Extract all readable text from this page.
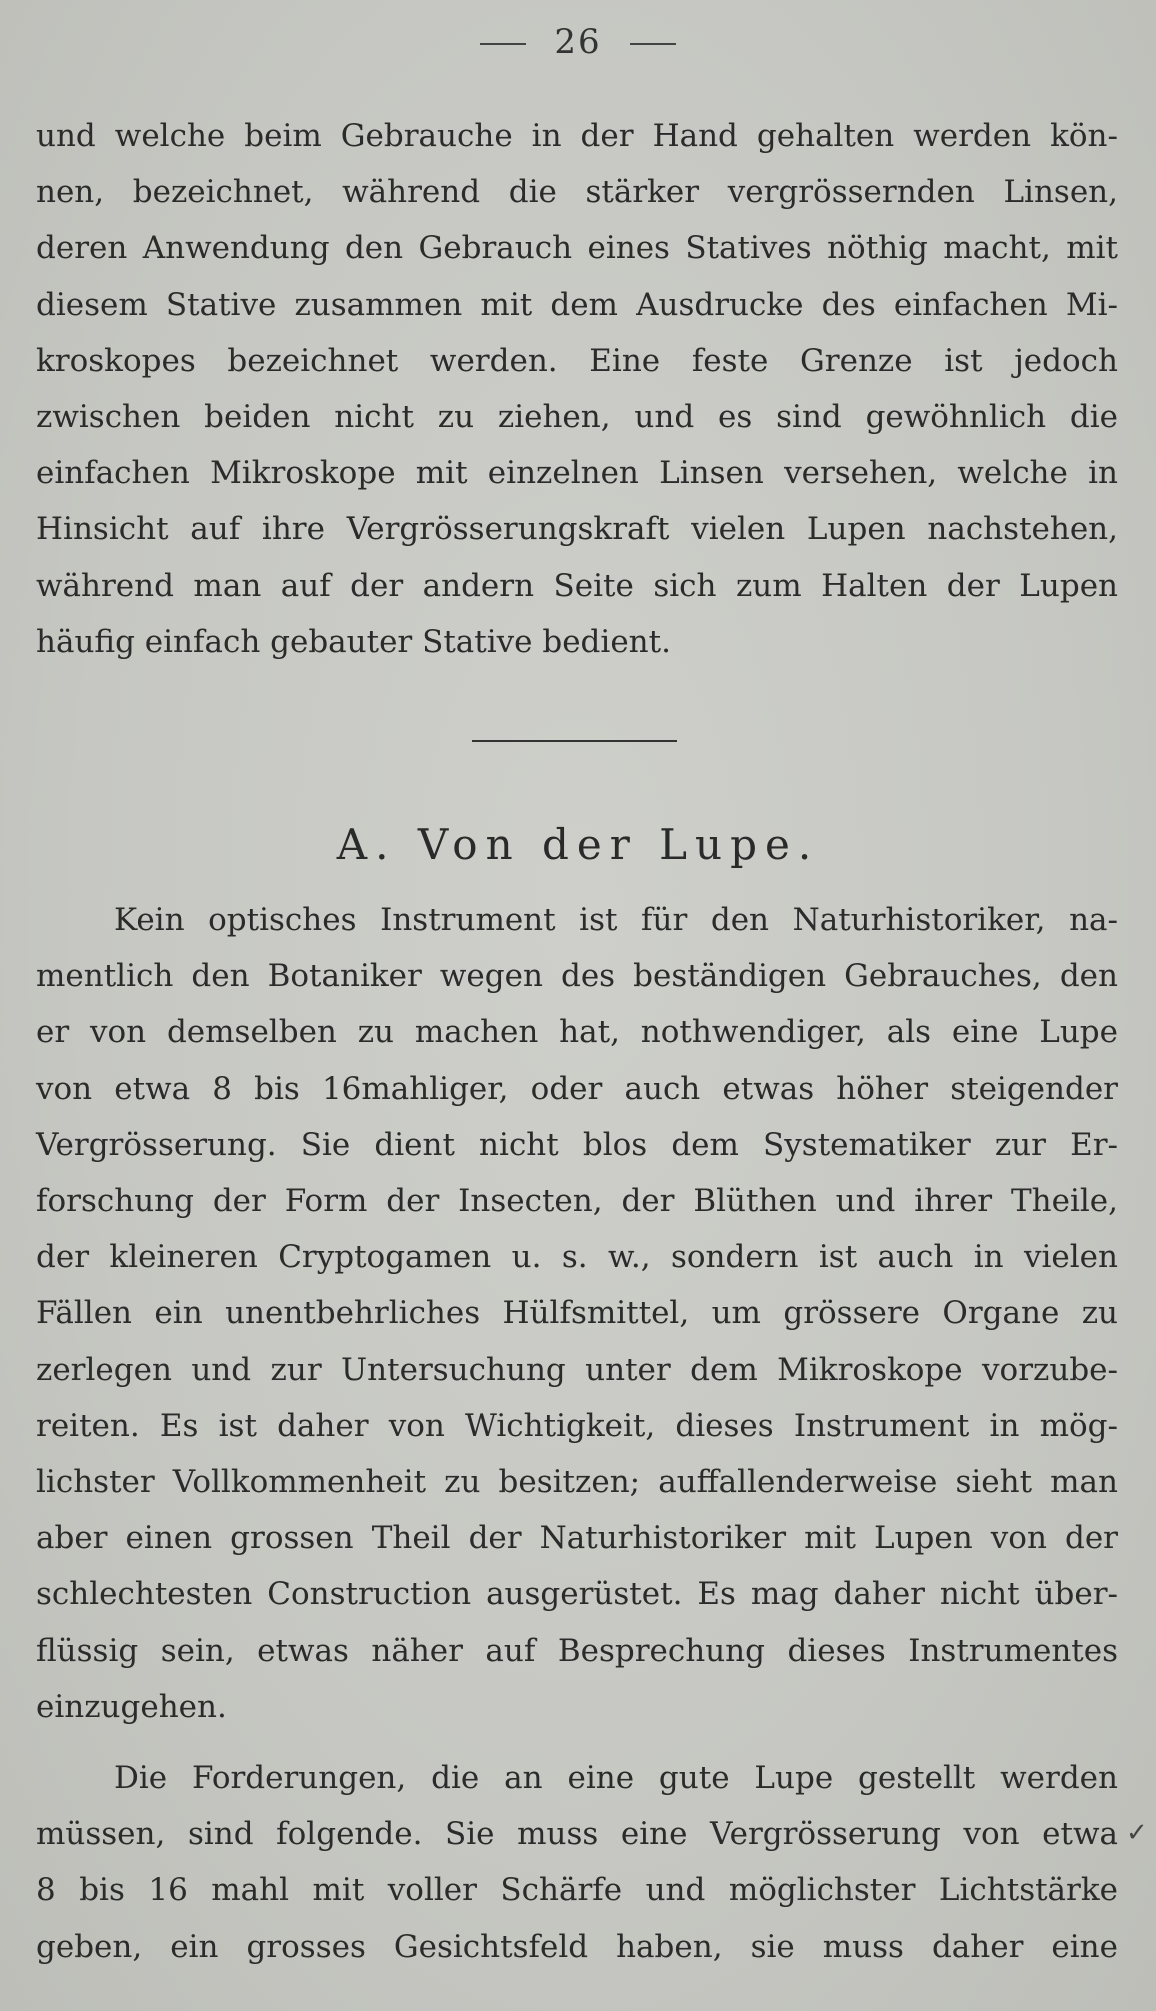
26
und welche beim Gebrauche in der Hand gehalten werden kön-
nen, bezeichnet, während die stärker vergrössernden Linsen,
deren Anwendung den Gebrauch eines Statives nöthig macht, mit
diesem Stative zusammen mit dem Ausdrucke des einfachen Mi-
kroskopes bezeichnet werden. Eine feste Grenze ist jedoch
zwischen beiden nicht zu ziehen, und es sind gewöhnlich die
einfachen Mikroskope mit einzelnen Linsen versehen, welche in
Hinsicht auf ihre Vergrösserungskraft vielen Lupen nachstehen,
während man auf der andern Seite sich zum Halten der Lupen
häufig einfach gebauter Stative bedient.
A. Von der Lupe.
Kein optisches Instrument ist für den Naturhistoriker, na-
mentlich den Botaniker wegen des beständigen Gebrauches, den
er von demselben zu machen hat, nothwendiger, als eine Lupe
von etwa 8 bis 16mahliger, oder auch etwas höher steigender
Vergrösserung. Sie dient nicht blos dem Systematiker zur Er-
forschung der Form der Insecten, der Blüthen und ihrer Theile,
der kleineren Cryptogamen u. s. w., sondern ist auch in vielen
Fällen ein unentbehrliches Hülfsmittel, um grössere Organe zu
zerlegen und zur Untersuchung unter dem Mikroskope vorzube-
reiten. Es ist daher von Wichtigkeit, dieses Instrument in mög-
lichster Vollkommenheit zu besitzen; auffallenderweise sieht man
aber einen grossen Theil der Naturhistoriker mit Lupen von der
schlechtesten Construction ausgerüstet. Es mag daher nicht über-
flüssig sein, etwas näher auf Besprechung dieses Instrumentes
einzugehen.
Die Forderungen, die an eine gute Lupe gestellt werden
müssen, sind folgende. Sie muss eine Vergrösserung von etwa
8 bis 16 mahl mit voller Schärfe und möglichster Lichtstärke
geben, ein grosses Gesichtsfeld haben, sie muss daher eine
✓
